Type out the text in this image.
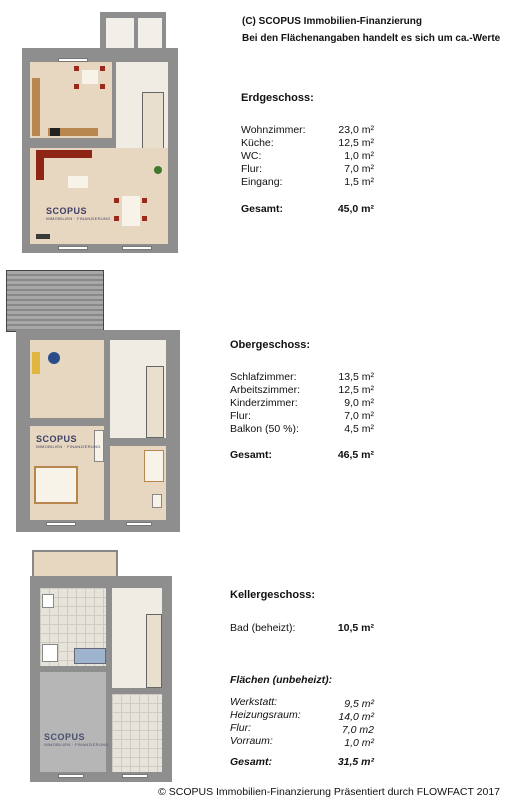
(C) SCOPUS Immobilien-Finanzierung
Bei den Flächenangaben handelt es sich um ca.-Werte
SCOPUS
IMMOBILIEN · FINANZIERUNG
Erdgeschoss:
Wohnzimmer:	23,0 m²
Küche:	12,5 m²
WC:	1,0 m²
Flur:	7,0 m²
Eingang:	1,5 m²
Gesamt:	45,0 m²
SCOPUS
IMMOBILIEN · FINANZIERUNG
Obergeschoss:
Schlafzimmer:	13,5 m²
Arbeitszimmer:	12,5 m²
Kinderzimmer:	9,0 m²
Flur:	7,0 m²
Balkon (50 %):	4,5 m²
Gesamt:	46,5 m²
SCOPUS
IMMOBILIEN · FINANZIERUNG
Kellergeschoss:
Bad (beheizt):	10,5 m²
Flächen (unbeheizt):
Werkstatt:	9,5 m²
Heizungsraum:	14,0 m²
Flur:	7,0 m2
Vorraum:	1,0 m²
Gesamt:	31,5 m²
© SCOPUS Immobilien-Finanzierung Präsentiert durch FLOWFACT 2017
